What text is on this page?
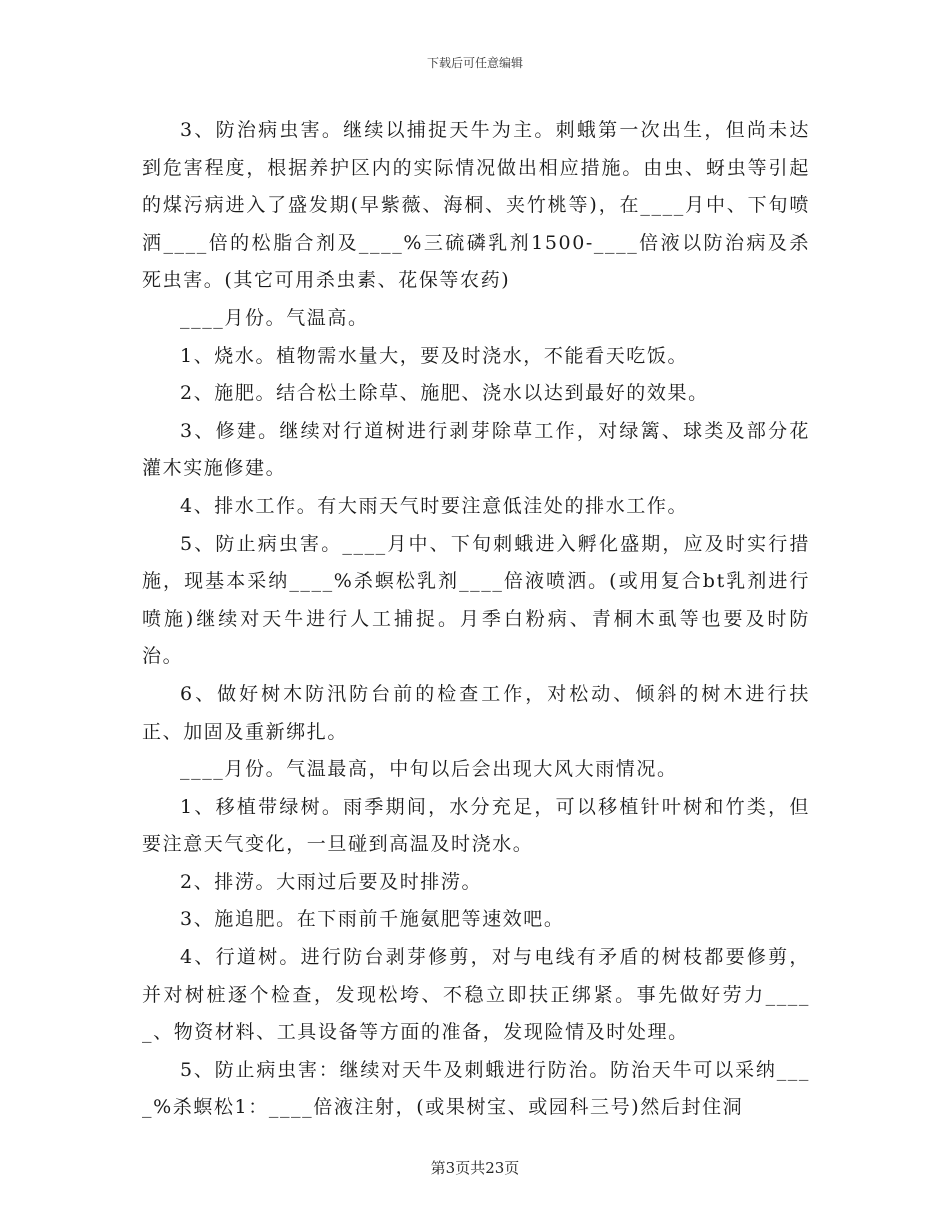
下载后可任意编辑

3、防治病虫害。继续以捕捉天牛为主。刺蛾第一次出生，但尚未达到危害程度，根据养护区内的实际情况做出相应措施。由虫、蚜虫等引起的煤污病进入了盛发期(早紫薇、海桐、夹竹桃等)，在____月中、下旬喷洒____倍的松脂合剂及____%三硫磷乳剂1500-____倍液以防治病及杀死虫害。(其它可用杀虫素、花保等农药)

____月份。气温高。

1、烧水。植物需水量大，要及时浇水，不能看天吃饭。

2、施肥。结合松土除草、施肥、浇水以达到最好的效果。

3、修建。继续对行道树进行剥芽除草工作，对绿篱、球类及部分花灌木实施修建。

4、排水工作。有大雨天气时要注意低洼处的排水工作。

5、防止病虫害。____月中、下旬刺蛾进入孵化盛期，应及时实行措施，现基本采纳____%杀螟松乳剂____倍液喷洒。(或用复合bt乳剂进行喷施)继续对天牛进行人工捕捉。月季白粉病、青桐木虱等也要及时防治。

6、做好树木防汛防台前的检查工作，对松动、倾斜的树木进行扶正、加固及重新绑扎。

____月份。气温最高，中旬以后会出现大风大雨情况。

1、移植带绿树。雨季期间，水分充足，可以移植针叶树和竹类，但要注意天气变化，一旦碰到高温及时浇水。

2、排涝。大雨过后要及时排涝。

3、施追肥。在下雨前千施氨肥等速效吧。

4、行道树。进行防台剥芽修剪，对与电线有矛盾的树枝都要修剪，并对树桩逐个检查，发现松垮、不稳立即扶正绑紧。事先做好劳力_____、物资材料、工具设备等方面的准备，发现险情及时处理。

5、防止病虫害：继续对天牛及刺蛾进行防治。防治天牛可以采纳____%杀螟松1：____倍液注射，(或果树宝、或园科三号)然后封住洞

第3页共23页
